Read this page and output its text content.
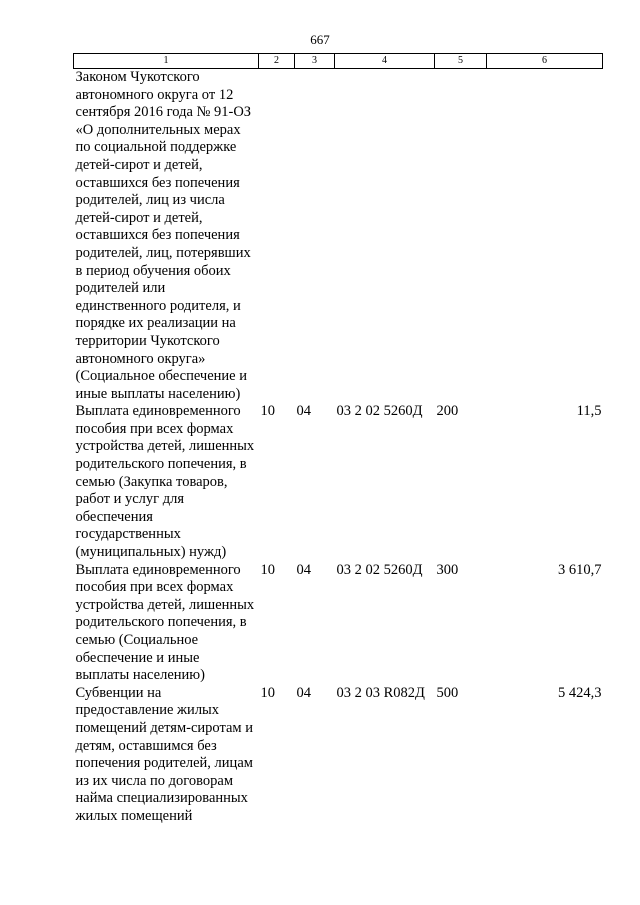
667
1	2	3	4	5	6
Законом Чукотского автономного округа от 12 сентября 2016 года № 91-ОЗ «О дополнительных мерах по социальной поддержке детей-сирот и детей, оставшихся без попечения родителей, лиц из числа детей-сирот и детей, оставшихся без попечения родителей, лиц, потерявших в период обучения обоих родителей или единственного родителя, и порядке их реализации на территории Чукотского автономного округа» (Социальное обеспечение и иные выплаты населению)					
Выплата единовременного пособия при всех формах устройства детей, лишенных родительского попечения, в семью (Закупка товаров, работ и услуг для обеспечения государственных (муниципальных) нужд)	10	04	03 2 02 5260Д	200	11,5
Выплата единовременного пособия при всех формах устройства детей, лишенных родительского попечения, в семью (Социальное обеспечение и иные выплаты населению)	10	04	03 2 02 5260Д	300	3 610,7
Субвенции на предоставление жилых помещений детям-сиротам и детям, оставшимся без попечения родителей, лицам из их числа по договорам найма специализированных жилых помещений	10	04	03 2 03 R082Д	500	5 424,3
